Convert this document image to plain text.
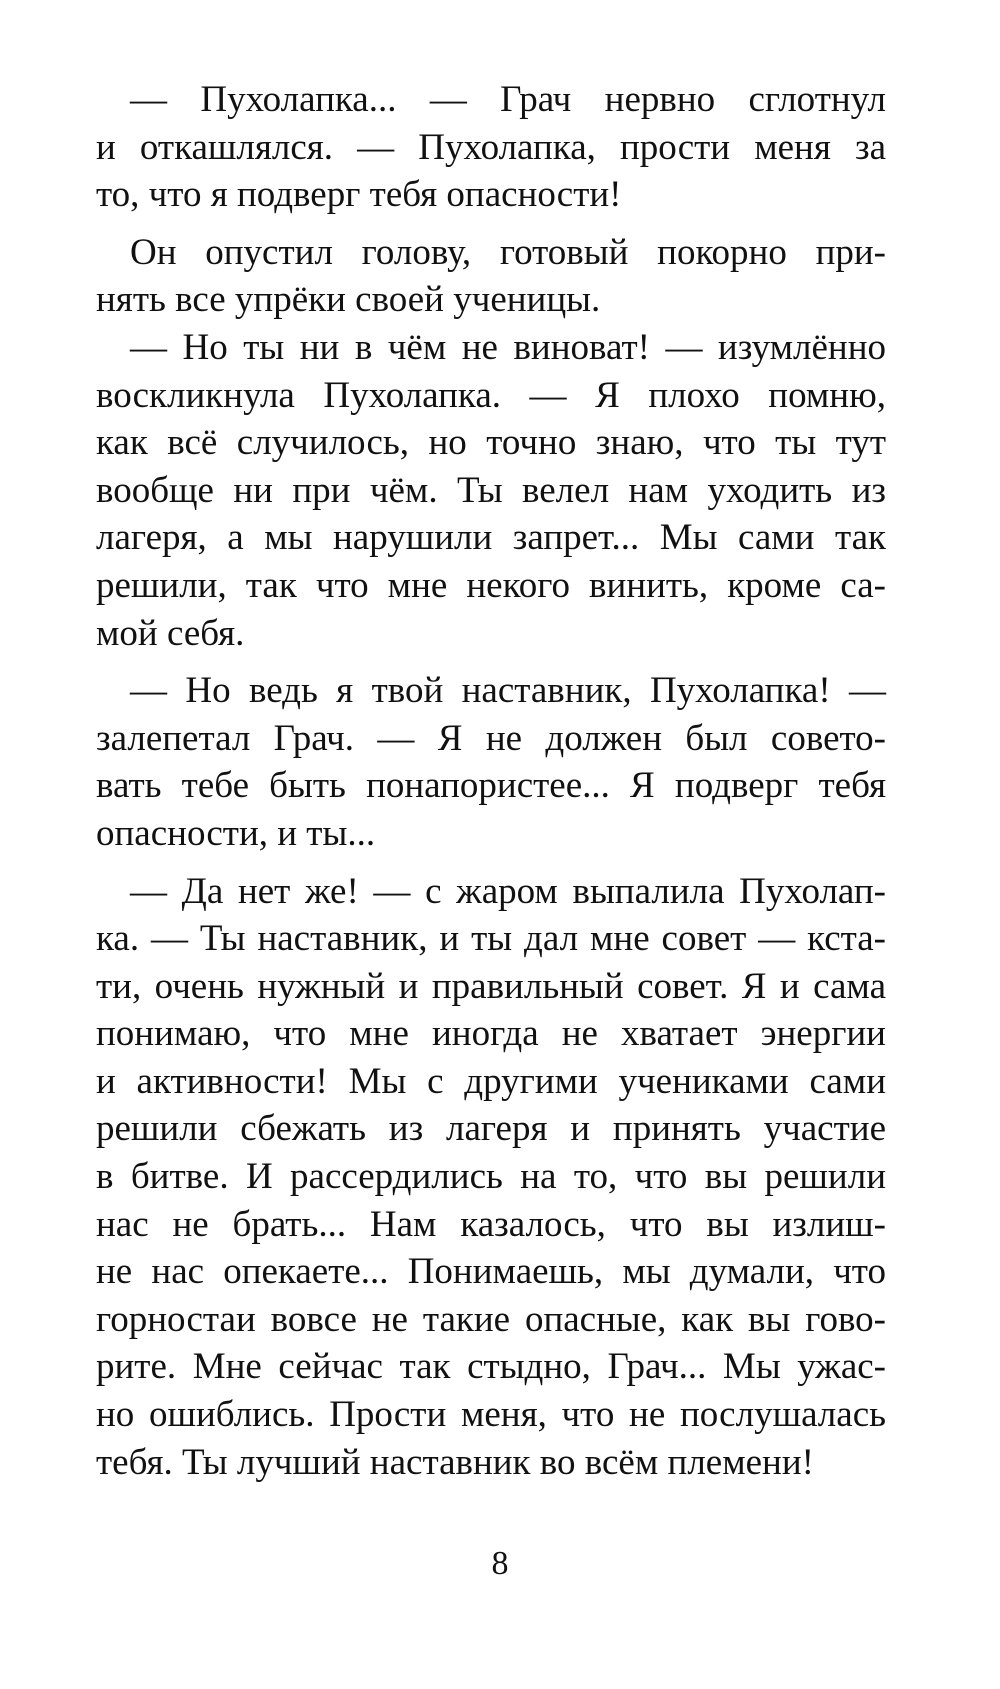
— Пухолапка... — Грач нервно сглотнул
и откашлялся. — Пухолапка, прости меня за
то, что я подверг тебя опасности!
Он опустил голову, готовый покорно при-
нять все упрёки своей ученицы.
— Но ты ни в чём не виноват! — изумлённо
воскликнула Пухолапка. — Я плохо помню,
как всё случилось, но точно знаю, что ты тут
вообще ни при чём. Ты велел нам уходить из
лагеря, а мы нарушили запрет... Мы сами так
решили, так что мне некого винить, кроме са-
мой себя.
— Но ведь я твой наставник, Пухолапка! —
залепетал Грач. — Я не должен был совето-
вать тебе быть понапористее... Я подверг тебя
опасности, и ты...
— Да нет же! — с жаром выпалила Пухолап-
ка. — Ты наставник, и ты дал мне совет — кста-
ти, очень нужный и правильный совет. Я и сама
понимаю, что мне иногда не хватает энергии
и активности! Мы с другими учениками сами
решили сбежать из лагеря и принять участие
в битве. И рассердились на то, что вы решили
нас не брать... Нам казалось, что вы излиш-
не нас опекаете... Понимаешь, мы думали, что
горностаи вовсе не такие опасные, как вы гово-
рите. Мне сейчас так стыдно, Грач... Мы ужас-
но ошиблись. Прости меня, что не послушалась
тебя. Ты лучший наставник во всём племени!
8
